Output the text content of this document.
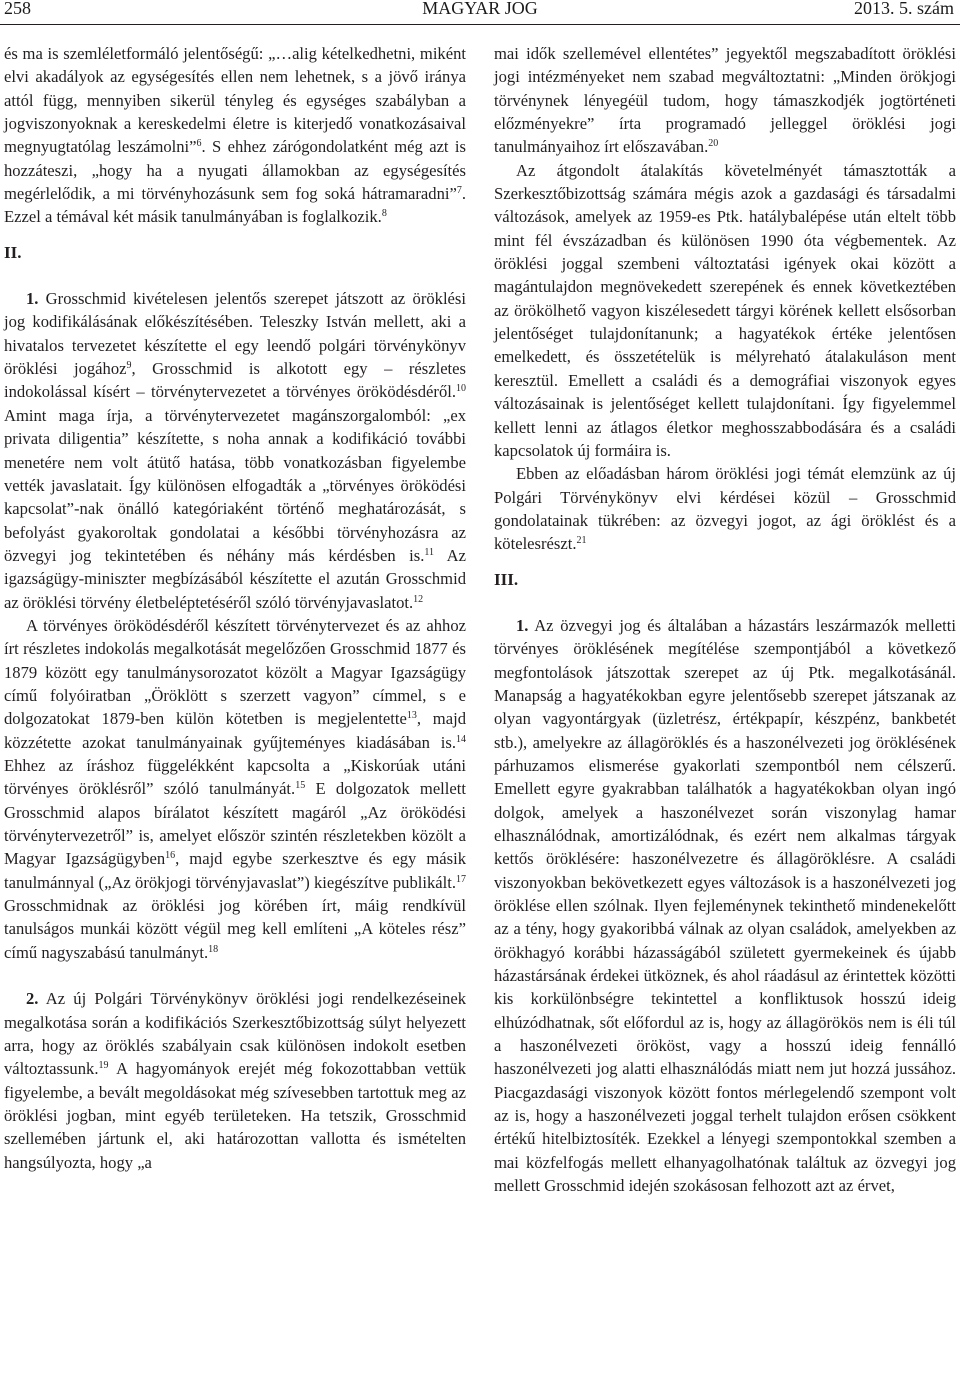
258	MAGYAR JOG	2013. 5. szám

és ma is szemléletformáló jelentőségű: „…alig kételkedhetni, miként elvi akadályok az egységesítés ellen nem lehetnek, s a jövő iránya attól függ, mennyiben sikerül tényleg és egységes szabályban a jogviszonyoknak a kereskedelmi életre is kiterjedő vonatkozásaival megnyugtatólag leszámolni”$^6$. S ehhez zárógondolatként még azt is hozzáteszi, „hogy ha a nyugati államokban az egységesítés megérlelődik, a mi törvényhozásunk sem fog soká hátramaradni”$^7$. Ezzel a témával két másik tanulmányában is foglalkozik.$^8$

II.

1. Grosschmid kivételesen jelentős szerepet játszott az öröklési jog kodifikálásának előkészítésében. Teleszky István mellett, aki a hivatalos tervezetet készítette el egy leendő polgári törvénykönyv öröklési jogához$^9$, Grosschmid is alkotott egy – részletes indokolással kísért – törvénytervezetet a törvényes öröködésdéről.$^{10}$ Amint maga írja, a törvénytervezetet magánszorgalomból: „ex privata diligentia” készítette, s noha annak a kodifikáció további menetére nem volt átütő hatása, több vonatkozásban figyelembe vették javaslatait. Így különösen elfogadták a „törvényes öröködési kapcsolat”-nak önálló kategóriaként történő meghatározását, s befolyást gyakoroltak gondolatai a későbbi törvényhozásra az özvegyi jog tekintetében és néhány más kérdésben is.$^{11}$ Az igazságügy-miniszter megbízásából készítette el azután Grosschmid az öröklési törvény életbeléptetéséről szóló törvényjavaslatot.$^{12}$

A törvényes öröködésdéről készített törvénytervezet és az ahhoz írt részletes indokolás megalkotását megelőzően Grosschmid 1877 és 1879 között egy tanulmánysorozatot közölt a Magyar Igazságügy című folyóiratban „Öröklött s szerzett vagyon” címmel, s e dolgozatokat 1879-ben külön kötetben is megjelentette$^{13}$, majd közzétette azokat tanulmányainak gyűjteményes kiadásában is.$^{14}$ Ehhez az íráshoz függelékként kapcsolta a „Kiskorúak utáni törvényes öröklésről” szóló tanulmányát.$^{15}$ E dolgozatok mellett Grosschmid alapos bírálatot készített magáról „Az öröködési törvénytervezetről” is, amelyet először szintén részletekben közölt a Magyar Igazságügyben$^{16}$, majd egybe szerkesztve és egy másik tanulmánnyal („Az örökjogi törvényjavaslat”) kiegészítve publikált.$^{17}$ Grosschmidnak az öröklési jog körében írt, máig rendkívül tanulságos munkái között végül meg kell említeni „A köteles rész” című nagyszabású tanulmányt.$^{18}$

2. Az új Polgári Törvénykönyv öröklési jogi rendelkezéseinek megalkotása során a kodifikációs Szerkesztőbizottság súlyt helyezett arra, hogy az öröklés szabályain csak különösen indokolt esetben változtassunk.$^{19}$ A hagyományok erejét még fokozottabban vettük figyelembe, a bevált megoldásokat még szívesebben tartottuk meg az öröklési jogban, mint egyéb területeken. Ha tetszik, Grosschmid szellemében jártunk el, aki határozottan vallotta és ismételten hangsúlyozta, hogy „a

mai idők szellemével ellentétes” jegyektől megszabadított öröklési jogi intézményeket nem szabad megváltoztatni: „Minden örökjogi törvénynek lényegéül tudom, hogy támaszkodjék jogtörténeti előzményekre” írta programadó jelleggel öröklési jogi tanulmányaihoz írt előszavában.$^{20}$

Az átgondolt átalakítás követelményét támasztották a Szerkesztőbizottság számára mégis azok a gazdasági és társadalmi változások, amelyek az 1959-es Ptk. hatálybalépése után eltelt több mint fél évszázadban és különösen 1990 óta végbementek. Az öröklési joggal szembeni változtatási igények okai között a magántulajdon megnövekedett szerepének és ennek következtében az örökölhető vagyon kiszélesedett tárgyi körének kellett elsősorban jelentőséget tulajdonítanunk; a hagyatékok értéke jelentősen emelkedett, és összetételük is mélyreható átalakuláson ment keresztül. Emellett a családi és a demográfiai viszonyok egyes változásainak is jelentőséget kellett tulajdonítani. Így figyelemmel kellett lenni az átlagos életkor meghosszabbodására és a családi kapcsolatok új formáira is.

Ebben az előadásban három öröklési jogi témát elemzünk az új Polgári Törvénykönyv elvi kérdései közül – Grosschmid gondolatainak tükrében: az özvegyi jogot, az ági öröklést és a kötelesrészt.$^{21}$

III.

1. Az özvegyi jog és általában a házastárs leszármazók melletti törvényes öröklésének megítélése szempontjából a következő megfontolások játszottak szerepet az új Ptk. megalkotásánál. Manapság a hagyatékokban egyre jelentősebb szerepet játszanak az olyan vagyontárgyak (üzletrész, értékpapír, készpénz, bankbetét stb.), amelyekre az állagöröklés és a haszonélvezeti jog öröklésének párhuzamos elismerése gyakorlati szempontból nem célszerű. Emellett egyre gyakrabban találhatók a hagyatékokban olyan ingó dolgok, amelyek a haszonélvezet során viszonylag hamar elhasználódnak, amortizálódnak, és ezért nem alkalmas tárgyak kettős öröklésére: haszonélvezetre és állagöröklésre. A családi viszonyokban bekövetkezett egyes változások is a haszonélvezeti jog öröklése ellen szólnak. Ilyen fejleménynek tekinthető mindenekelőtt az a tény, hogy gyakoribbá válnak az olyan családok, amelyekben az örökhagyó korábbi házasságából született gyermekeinek és újabb házastársának érdekei ütköznek, és ahol ráadásul az érintettek közötti kis korkülönbségre tekintettel a konfliktusok hosszú ideig elhúzódhatnak, sőt előfordul az is, hogy az állagörökös nem is éli túl a haszonélvezeti örököst, vagy a hosszú ideig fennálló haszonélvezeti jog alatti elhasználódás miatt nem jut hozzá jussához. Piacgazdasági viszonyok között fontos mérlegelendő szempont volt az is, hogy a haszonélvezeti joggal terhelt tulajdon erősen csökkent értékű hitelbiztosíték. Ezekkel a lényegi szempontokkal szemben a mai közfelfogás mellett elhanyagolhatónak találtuk az özvegyi jog mellett Grosschmid idején szokásosan felhozott azt az érvet,
